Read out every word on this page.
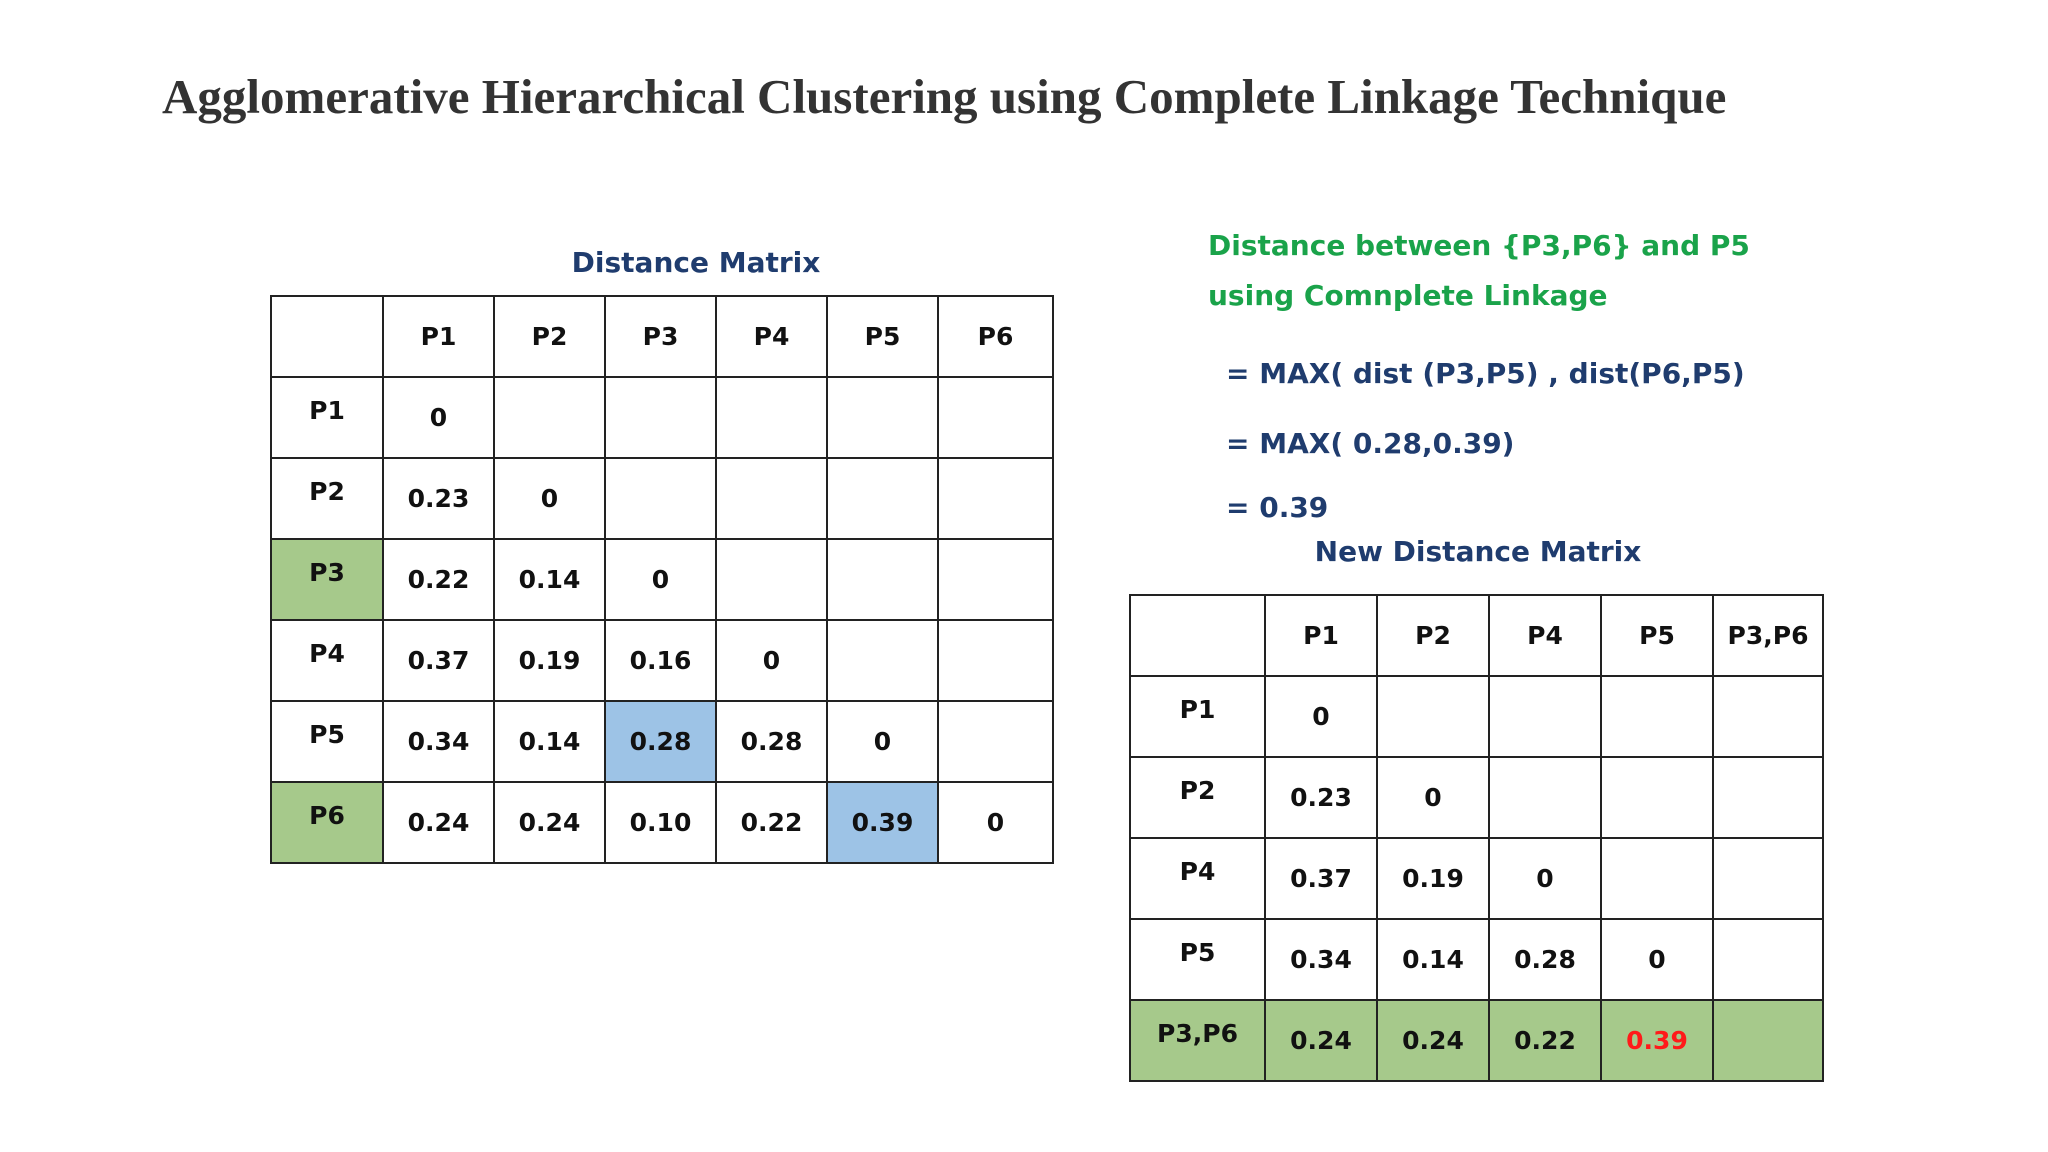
Agglomerative Hierarchical Clustering using Complete Linkage Technique
Distance Matrix
	P1	P2	P3	P4	P5	P6
P1	0					
P2	0.23	0				
P3	0.22	0.14	0			
P4	0.37	0.19	0.16	0		
P5	0.34	0.14	0.28	0.28	0	
P6	0.24	0.24	0.10	0.22	0.39	0
Distance between {P3,P6} and P5
using Comnplete Linkage
= MAX( dist (P3,P5) , dist(P6,P5)
= MAX( 0.28,0.39)
= 0.39
New Distance Matrix
	P1	P2	P4	P5	P3,P6
P1	0				
P2	0.23	0			
P4	0.37	0.19	0		
P5	0.34	0.14	0.28	0	
P3,P6	0.24	0.24	0.22	0.39	
